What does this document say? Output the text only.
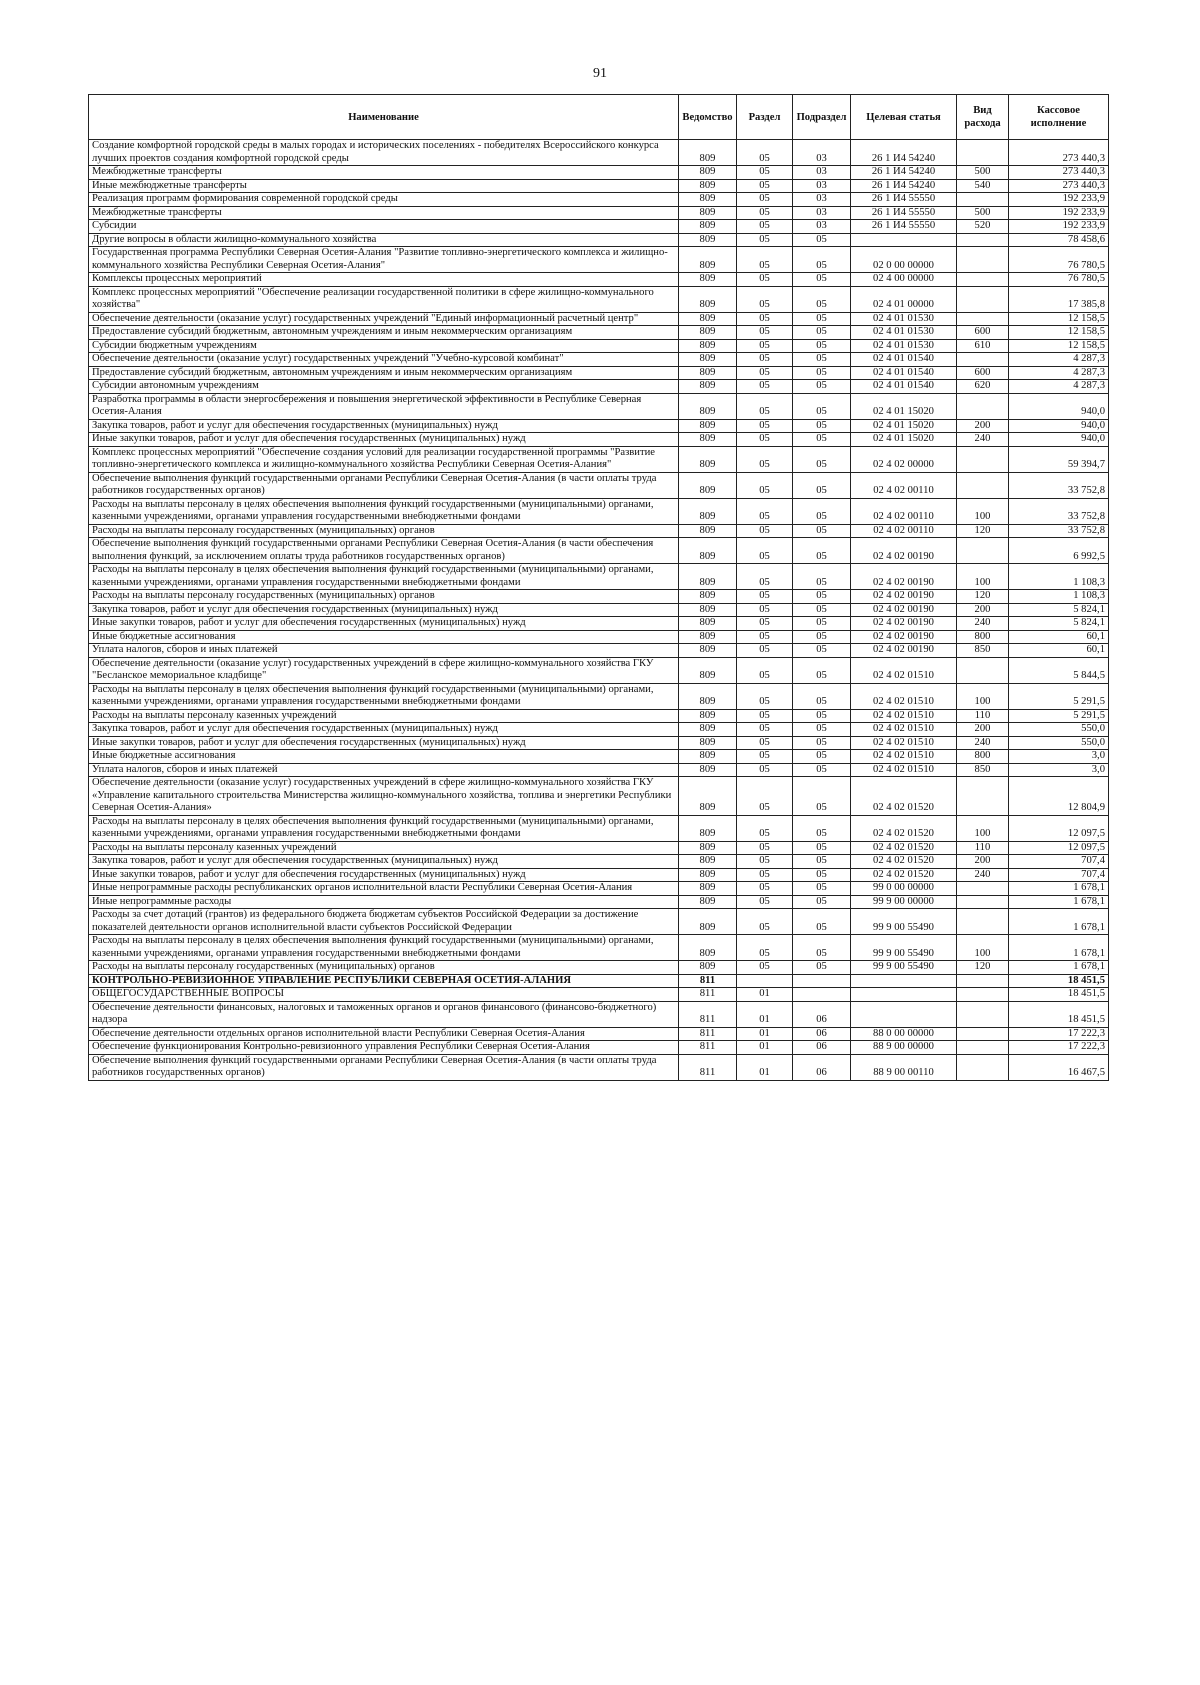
91
Наименование	Ведомство	Раздел	Подраздел	Целевая статья	Вид расхода	Кассовое исполнение
Создание комфортной городской среды в малых городах и исторических поселениях - победителях Всероссийского конкурса лучших проектов создания комфортной городской среды	809	05	03	26 1 И4 54240		273 440,3
Межбюджетные трансферты	809	05	03	26 1 И4 54240	500	273 440,3
Иные межбюджетные трансферты	809	05	03	26 1 И4 54240	540	273 440,3
Реализация программ формирования современной городской среды	809	05	03	26 1 И4 55550		192 233,9
Межбюджетные трансферты	809	05	03	26 1 И4 55550	500	192 233,9
Субсидии	809	05	03	26 1 И4 55550	520	192 233,9
Другие вопросы в области жилищно-коммунального хозяйства	809	05	05			78 458,6
Государственная программа Республики Северная Осетия-Алания "Развитие топливно-энергетического комплекса и жилищно-коммунального хозяйства Республики Северная Осетия-Алания"	809	05	05	02 0 00 00000		76 780,5
Комплексы процессных мероприятий	809	05	05	02 4 00 00000		76 780,5
Комплекс процессных мероприятий "Обеспечение реализации государственной политики в сфере жилищно-коммунального хозяйства"	809	05	05	02 4 01 00000		17 385,8
Обеспечение деятельности (оказание услуг) государственных учреждений "Единый информационный расчетный центр"	809	05	05	02 4 01 01530		12 158,5
Предоставление субсидий бюджетным, автономным учреждениям и иным некоммерческим организациям	809	05	05	02 4 01 01530	600	12 158,5
Субсидии бюджетным учреждениям	809	05	05	02 4 01 01530	610	12 158,5
Обеспечение деятельности (оказание услуг) государственных учреждений "Учебно-курсовой комбинат"	809	05	05	02 4 01 01540		4 287,3
Предоставление субсидий бюджетным, автономным учреждениям и иным некоммерческим организациям	809	05	05	02 4 01 01540	600	4 287,3
Субсидии автономным учреждениям	809	05	05	02 4 01 01540	620	4 287,3
Разработка программы в области энергосбережения и повышения энергетической эффективности в Республике Северная Осетия-Алания	809	05	05	02 4 01 15020		940,0
Закупка товаров, работ и услуг для обеспечения государственных (муниципальных) нужд	809	05	05	02 4 01 15020	200	940,0
Иные закупки товаров, работ и услуг для обеспечения государственных (муниципальных) нужд	809	05	05	02 4 01 15020	240	940,0
Комплекс процессных мероприятий "Обеспечение создания условий для реализации государственной программы "Развитие топливно-энергетического комплекса и жилищно-коммунального хозяйства Республики Северная Осетия-Алания"	809	05	05	02 4 02 00000		59 394,7
Обеспечение выполнения функций государственными органами Республики Северная Осетия-Алания (в части оплаты труда работников государственных органов)	809	05	05	02 4 02 00110		33 752,8
Расходы на выплаты персоналу в целях обеспечения выполнения функций государственными (муниципальными) органами, казенными учреждениями, органами управления государственными внебюджетными фондами	809	05	05	02 4 02 00110	100	33 752,8
Расходы на выплаты персоналу государственных (муниципальных) органов	809	05	05	02 4 02 00110	120	33 752,8
Обеспечение выполнения функций государственными органами Республики Северная Осетия-Алания (в части обеспечения выполнения функций, за исключением оплаты труда работников государственных органов)	809	05	05	02 4 02 00190		6 992,5
Расходы на выплаты персоналу в целях обеспечения выполнения функций государственными (муниципальными) органами, казенными учреждениями, органами управления государственными внебюджетными фондами	809	05	05	02 4 02 00190	100	1 108,3
Расходы на выплаты персоналу государственных (муниципальных) органов	809	05	05	02 4 02 00190	120	1 108,3
Закупка товаров, работ и услуг для обеспечения государственных (муниципальных) нужд	809	05	05	02 4 02 00190	200	5 824,1
Иные закупки товаров, работ и услуг для обеспечения государственных (муниципальных) нужд	809	05	05	02 4 02 00190	240	5 824,1
Иные бюджетные ассигнования	809	05	05	02 4 02 00190	800	60,1
Уплата налогов, сборов и иных платежей	809	05	05	02 4 02 00190	850	60,1
Обеспечение деятельности (оказание услуг) государственных учреждений в сфере жилищно-коммунального хозяйства ГКУ "Бесланское мемориальное кладбище"	809	05	05	02 4 02 01510		5 844,5
Расходы на выплаты персоналу в целях обеспечения выполнения функций государственными (муниципальными) органами, казенными учреждениями, органами управления государственными внебюджетными фондами	809	05	05	02 4 02 01510	100	5 291,5
Расходы на выплаты персоналу казенных учреждений	809	05	05	02 4 02 01510	110	5 291,5
Закупка товаров, работ и услуг для обеспечения государственных (муниципальных) нужд	809	05	05	02 4 02 01510	200	550,0
Иные закупки товаров, работ и услуг для обеспечения государственных (муниципальных) нужд	809	05	05	02 4 02 01510	240	550,0
Иные бюджетные ассигнования	809	05	05	02 4 02 01510	800	3,0
Уплата налогов, сборов и иных платежей	809	05	05	02 4 02 01510	850	3,0
Обеспечение деятельности (оказание услуг) государственных учреждений в сфере жилищно-коммунального хозяйства ГКУ «Управление капитального строительства Министерства жилищно-коммунального хозяйства, топлива и энергетики Республики Северная Осетия-Алания»	809	05	05	02 4 02 01520		12 804,9
Расходы на выплаты персоналу в целях обеспечения выполнения функций государственными (муниципальными) органами, казенными учреждениями, органами управления государственными внебюджетными фондами	809	05	05	02 4 02 01520	100	12 097,5
Расходы на выплаты персоналу казенных учреждений	809	05	05	02 4 02 01520	110	12 097,5
Закупка товаров, работ и услуг для обеспечения государственных (муниципальных) нужд	809	05	05	02 4 02 01520	200	707,4
Иные закупки товаров, работ и услуг для обеспечения государственных (муниципальных) нужд	809	05	05	02 4 02 01520	240	707,4
Иные непрограммные расходы республиканских органов исполнительной власти Республики Северная Осетия-Алания	809	05	05	99 0 00 00000		1 678,1
Иные непрограммные расходы	809	05	05	99 9 00 00000		1 678,1
Расходы за счет дотаций (грантов) из федерального бюджета бюджетам субъектов Российской Федерации за достижение показателей деятельности органов исполнительной власти субъектов Российской Федерации	809	05	05	99 9 00 55490		1 678,1
Расходы на выплаты персоналу в целях обеспечения выполнения функций государственными (муниципальными) органами, казенными учреждениями, органами управления государственными внебюджетными фондами	809	05	05	99 9 00 55490	100	1 678,1
Расходы на выплаты персоналу государственных (муниципальных) органов	809	05	05	99 9 00 55490	120	1 678,1
КОНТРОЛЬНО-РЕВИЗИОННОЕ УПРАВЛЕНИЕ РЕСПУБЛИКИ СЕВЕРНАЯ ОСЕТИЯ-АЛАНИЯ	811					18 451,5
ОБЩЕГОСУДАРСТВЕННЫЕ ВОПРОСЫ	811	01				18 451,5
Обеспечение деятельности финансовых, налоговых и таможенных органов и органов финансового (финансово-бюджетного) надзора	811	01	06			18 451,5
Обеспечение деятельности отдельных органов исполнительной власти Республики Северная Осетия-Алания	811	01	06	88 0 00 00000		17 222,3
Обеспечение функционирования Контрольно-ревизионного управления Республики Северная Осетия-Алания	811	01	06	88 9 00 00000		17 222,3
Обеспечение выполнения функций государственными органами Республики Северная Осетия-Алания (в части оплаты труда работников государственных органов)	811	01	06	88 9 00 00110		16 467,5
